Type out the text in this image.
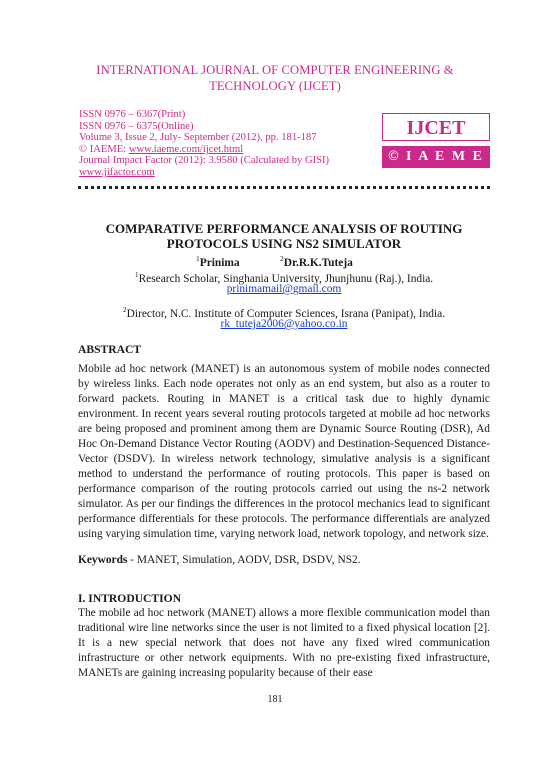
INTERNATIONAL JOURNAL OF COMPUTER ENGINEERING & TECHNOLOGY (IJCET)
ISSN 0976 – 6367(Print)
ISSN 0976 – 6375(Online)
Volume 3, Issue 2, July- September (2012), pp. 181-187
© IAEME: www.iaeme.com/ijcet.html
Journal Impact Factor (2012): 3.9580 (Calculated by GISI)
www.jifactor.com
IJCET
© I A E M E
COMPARATIVE PERFORMANCE ANALYSIS OF ROUTING PROTOCOLS USING NS2 SIMULATOR
$^1$Prinima	$^2$Dr.R.K.Tuteja
$^1$Research Scholar, Singhania University, Jhunjhunu (Raj.), India.
prinimamail@gmail.com
$^2$Director, N.C. Institute of Computer Sciences, Israna (Panipat), India.
rk_tuteja2006@yahoo.co.in
ABSTRACT
Mobile ad hoc network (MANET) is an autonomous system of mobile nodes connected by wireless links. Each node operates not only as an end system, but also as a router to forward packets. Routing in MANET is a critical task due to highly dynamic environment. In recent years several routing protocols targeted at mobile ad hoc networks are being proposed and prominent among them are Dynamic Source Routing (DSR), Ad Hoc On-Demand Distance Vector Routing (AODV) and Destination-Sequenced Distance-Vector (DSDV). In wireless network technology, simulative analysis is a significant method to understand the performance of routing protocols. This paper is based on performance comparison of the routing protocols carried out using the ns-2 network simulator. As per our findings the differences in the protocol mechanics lead to significant performance differentials for these protocols. The performance differentials are analyzed using varying simulation time, varying network load, network topology, and network size.
Keywords - MANET, Simulation, AODV, DSR, DSDV, NS2.
I. INTRODUCTION
The mobile ad hoc network (MANET) allows a more flexible communication model than traditional wire line networks since the user is not limited to a fixed physical location [2]. It is a new special network that does not have any fixed wired communication infrastructure or other network equipments. With no pre-existing fixed infrastructure, MANETs are gaining increasing popularity because of their ease
181
